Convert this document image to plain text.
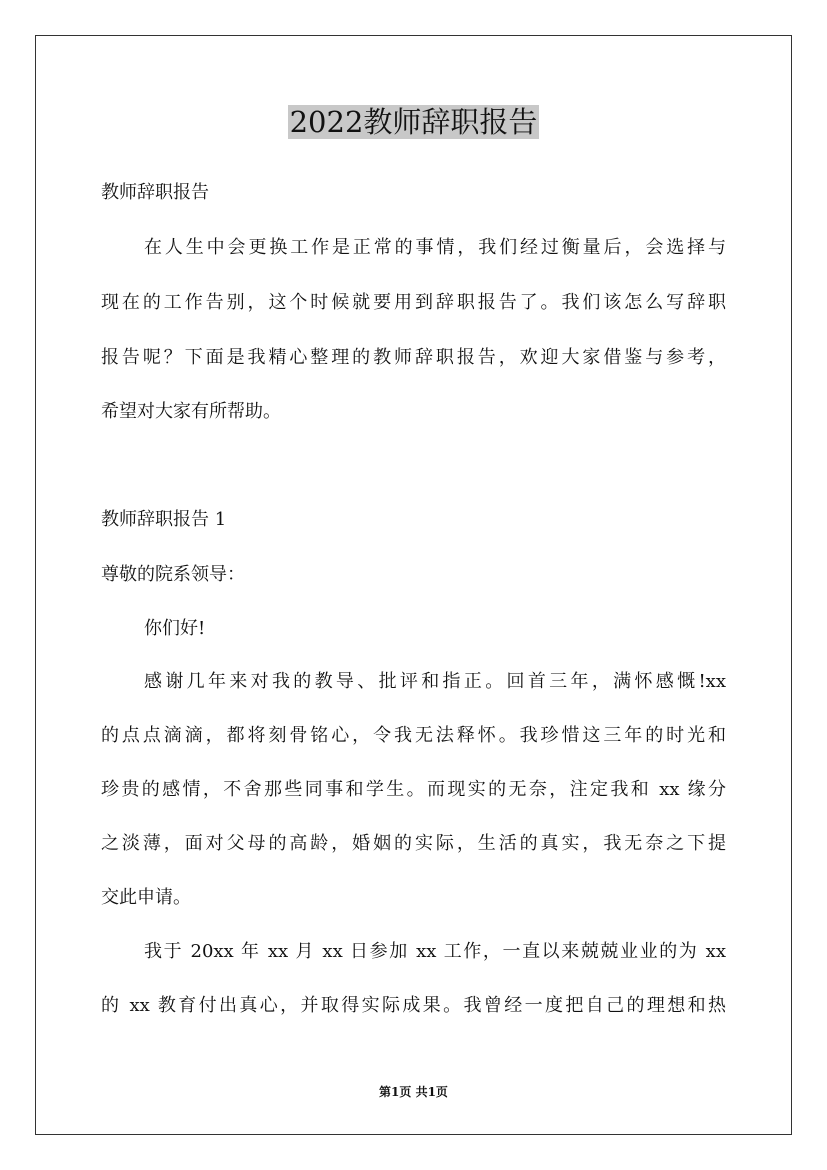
2022教师辞职报告
教师辞职报告
在人生中会更换工作是正常的事情，我们经过衡量后，会选择与
现在的工作告别，这个时候就要用到辞职报告了。我们该怎么写辞职
报告呢？下面是我精心整理的教师辞职报告，欢迎大家借鉴与参考，
希望对大家有所帮助。
教师辞职报告 1
尊敬的院系领导：
你们好!
感谢几年来对我的教导、批评和指正。回首三年，满怀感慨!xx
的点点滴滴，都将刻骨铭心，令我无法释怀。我珍惜这三年的时光和
珍贵的感情，不舍那些同事和学生。而现实的无奈，注定我和 xx 缘分
之淡薄，面对父母的高龄，婚姻的实际，生活的真实，我无奈之下提
交此申请。
我于 20xx 年 xx 月 xx 日参加 xx 工作，一直以来兢兢业业的为 xx
的 xx 教育付出真心，并取得实际成果。我曾经一度把自己的理想和热
第1页 共1页
